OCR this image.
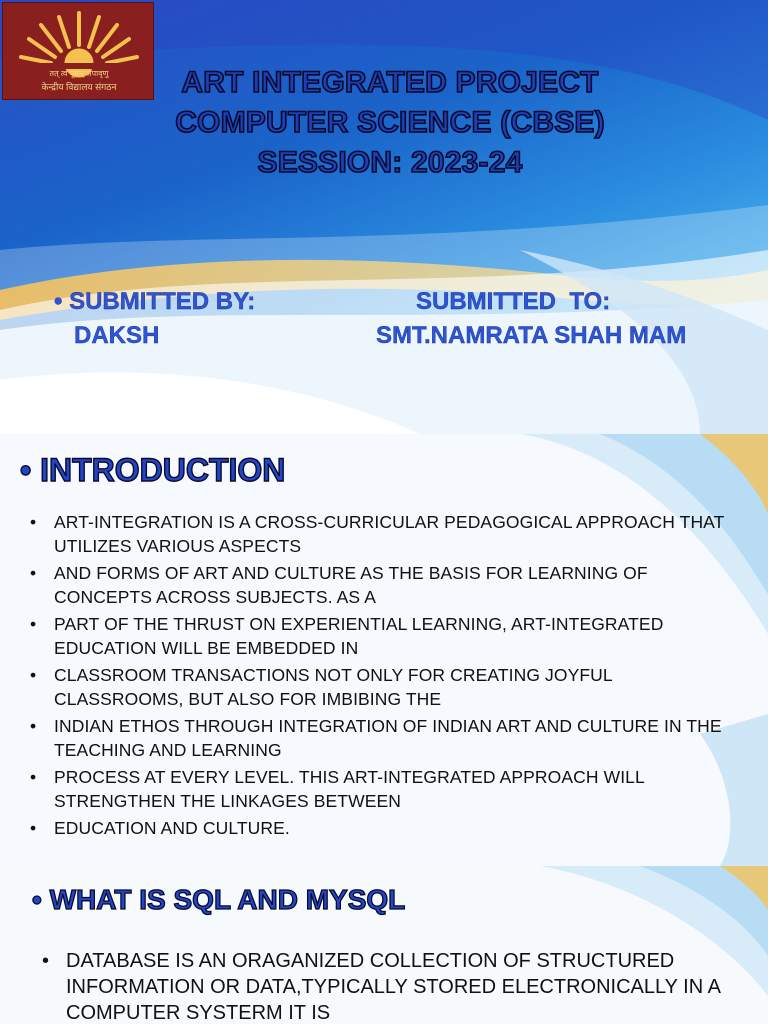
तत् त्वं पूषन् अपावृणु
केन्द्रीय विद्यालय संगठन	ART INTEGRATED PROJECT
COMPUTER SCIENCE (CBSE)
SESSION: 2023-24
• SUBMITTED BY:
DAKSH
SUBMITTED  TO:
SMT.NAMRATA SHAH MAM
• INTRODUCTION
• ART-INTEGRATION IS A CROSS-CURRICULAR PEDAGOGICAL APPROACH THAT UTILIZES VARIOUS ASPECTS
• AND FORMS OF ART AND CULTURE AS THE BASIS FOR LEARNING OF CONCEPTS ACROSS SUBJECTS. AS A
• PART OF THE THRUST ON EXPERIENTIAL LEARNING, ART-INTEGRATED EDUCATION WILL BE EMBEDDED IN
• CLASSROOM TRANSACTIONS NOT ONLY FOR CREATING JOYFUL CLASSROOMS, BUT ALSO FOR IMBIBING THE
• INDIAN ETHOS THROUGH INTEGRATION OF INDIAN ART AND CULTURE IN THE TEACHING AND LEARNING
• PROCESS AT EVERY LEVEL. THIS ART-INTEGRATED APPROACH WILL STRENGTHEN THE LINKAGES BETWEEN
• EDUCATION AND CULTURE.
• WHAT IS SQL AND MYSQL
• DATABASE IS AN ORAGANIZED COLLECTION OF STRUCTURED INFORMATION OR DATA,TYPICALLY STORED ELECTRONICALLY IN A COMPUTER SYSTERM IT IS
